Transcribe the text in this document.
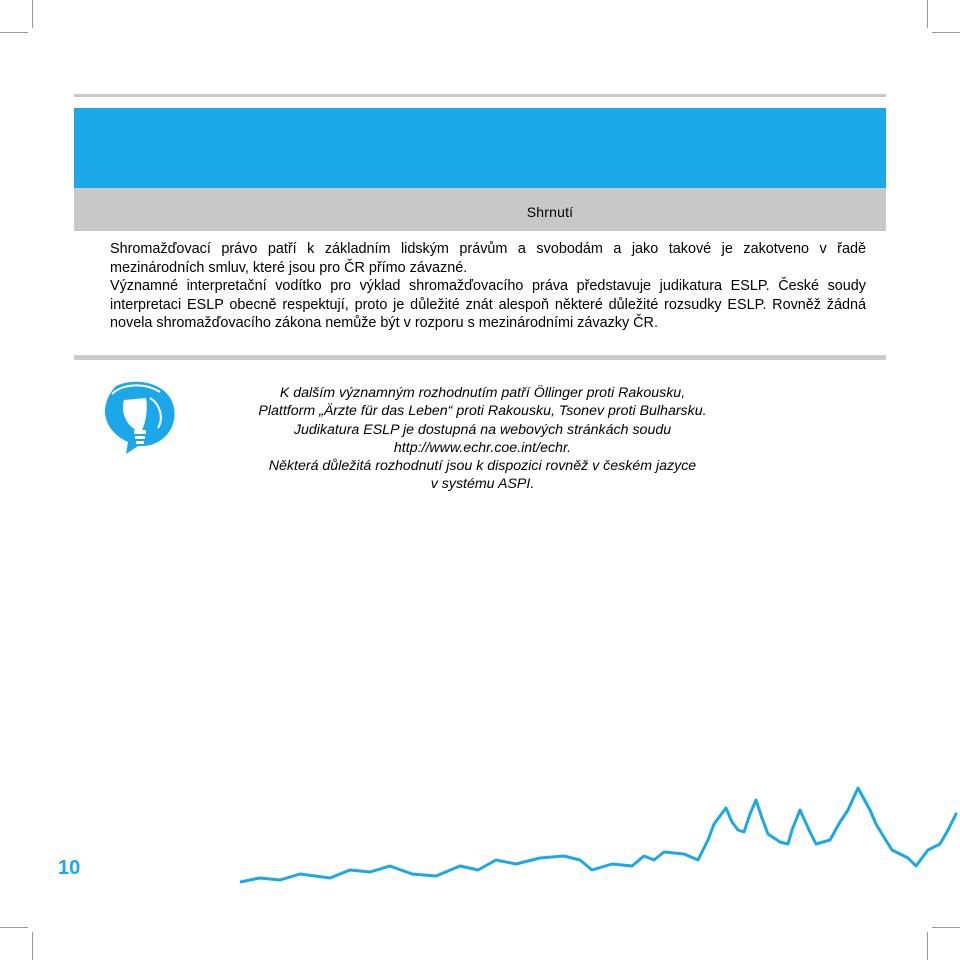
Shrnutí

Shromažďovací právo patří k základním lidským právům a svobodám a jako takové je zakotveno v řadě mezinárodních smluv, které jsou pro ČR přímo závazné.

Významné interpretační vodítko pro výklad shromažďovacího práva představuje judikatura ESLP. České soudy interpretaci ESLP obecně respektují, proto je důležité znát alespoň některé důležité rozsudky ESLP. Rovněž žádná novela shromažďovacího zákona nemůže být v rozporu s mezinárodními závazky ČR.

K dalším významným rozhodnutím patří Öllinger proti Rakousku,
Plattform „Ärzte für das Leben“ proti Rakousku, Tsonev proti Bulharsku.
Judikatura ESLP je dostupná na webových stránkách soudu
http://www.echr.coe.int/echr.
Některá důležitá rozhodnutí jsou k dispozici rovněž v českém jazyce
v systému ASPI.
10
